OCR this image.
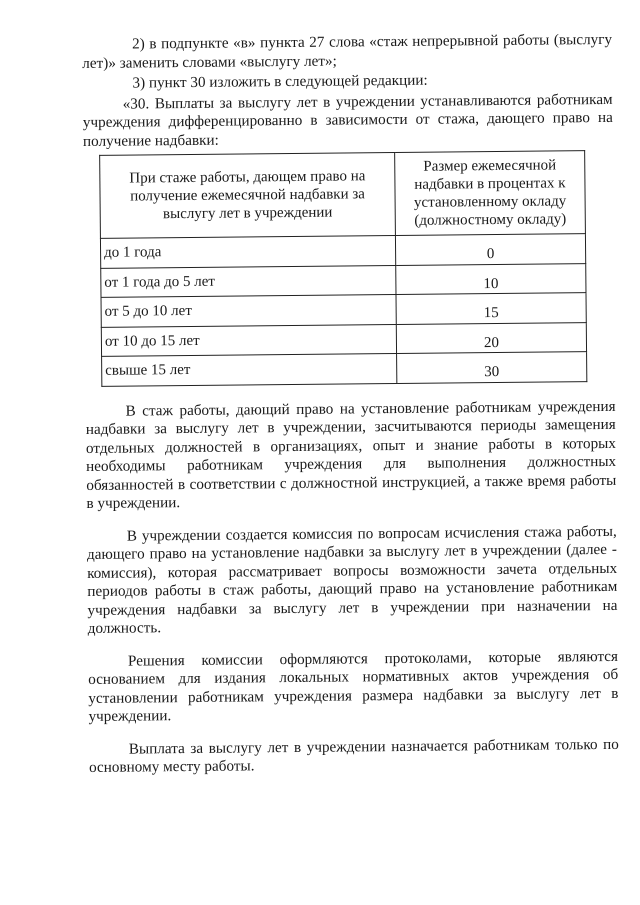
2) в подпункте «в» пункта 27 слова «стаж непрерывной работы (выслугу лет)» заменить словами «выслугу лет»;

3) пункт 30 изложить в следующей редакции:

«30. Выплаты за выслугу лет в учреждении устанавливаются работникам учреждения дифференцированно в зависимости от стажа, дающего право на получение надбавки:

При стаже работы, дающем право на получение ежемесячной надбавки за выслугу лет в учреждении	Размер ежемесячной надбавки в процентах к установленному окладу (должностному окладу)
до 1 года	0
от 1 года до 5 лет	10
от 5 до 10 лет	15
от 10 до 15 лет	20
свыше 15 лет	30

В стаж работы, дающий право на установление работникам учреждения надбавки за выслугу лет в учреждении, засчитываются периоды замещения отдельных должностей в организациях, опыт и знание работы в которых необходимы работникам учреждения для выполнения должностных обязанностей в соответствии с должностной инструкцией, а также время работы в учреждении.

В учреждении создается комиссия по вопросам исчисления стажа работы, дающего право на установление надбавки за выслугу лет в учреждении (далее - комиссия), которая рассматривает вопросы возможности зачета отдельных периодов работы в стаж работы, дающий право на установление работникам учреждения надбавки за выслугу лет в учреждении при назначении на должность.

Решения комиссии оформляются протоколами, которые являются основанием для издания локальных нормативных актов учреждения об установлении работникам учреждения размера надбавки за выслугу лет в учреждении.

Выплата за выслугу лет в учреждении назначается работникам только по основному месту работы.
